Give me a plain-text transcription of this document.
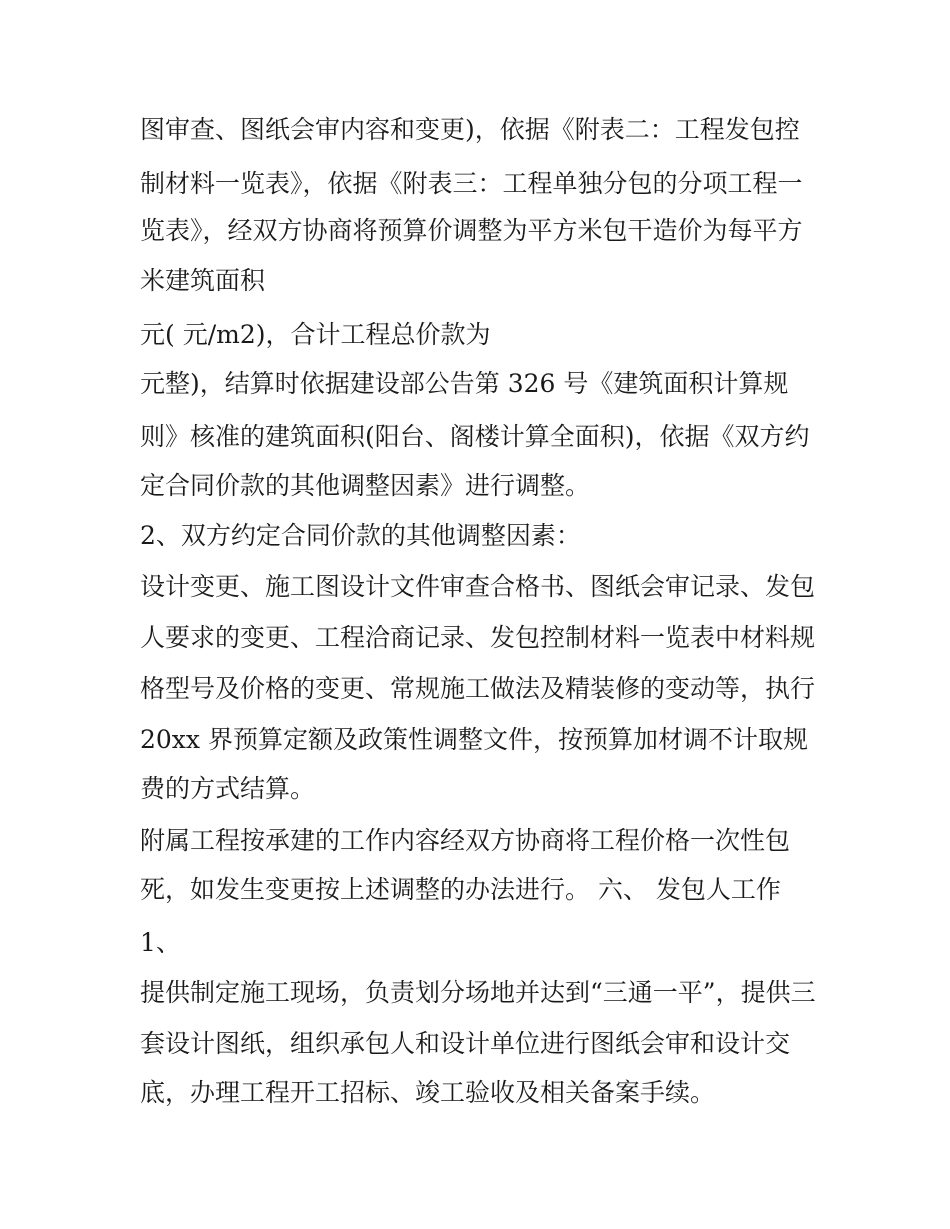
图审查、图纸会审内容和变更)，依据《附表二：工程发包控

制材料一览表》，依据《附表三：工程单独分包的分项工程一

览表》，经双方协商将预算价调整为平方米包干造价为每平方

米建筑面积

元( 元/m2)，合计工程总价款为

元整)，结算时依据建设部公告第 326 号《建筑面积计算规

则》核准的建筑面积(阳台、阁楼计算全面积)，依据《双方约

定合同价款的其他调整因素》进行调整。

2、双方约定合同价款的其他调整因素：

设计变更、施工图设计文件审查合格书、图纸会审记录、发包

人要求的变更、工程洽商记录、发包控制材料一览表中材料规

格型号及价格的变更、常规施工做法及精装修的变动等，执行

20xx 界预算定额及政策性调整文件，按预算加材调不计取规

费的方式结算。

附属工程按承建的工作内容经双方协商将工程价格一次性包

死，如发生变更按上述调整的办法进行。 六、 发包人工作

1、

提供制定施工现场，负责划分场地并达到“三通一平”，提供三

套设计图纸，组织承包人和设计单位进行图纸会审和设计交

底，办理工程开工招标、竣工验收及相关备案手续。
